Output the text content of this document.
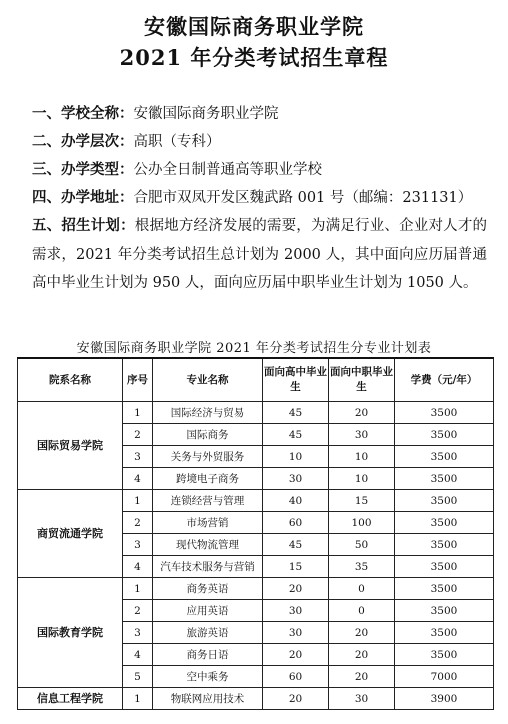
安徽国际商务职业学院
2021 年分类考试招生章程
一、学校全称：安徽国际商务职业学院
二、办学层次：高职（专科）
三、办学类型：公办全日制普通高等职业学校
四、办学地址：合肥市双凤开发区魏武路 001 号（邮编：231131）
五、招生计划：根据地方经济发展的需要，为满足行业、企业对人才的需求，2021 年分类考试招生总计划为 2000 人，其中面向应历届普通高中毕业生计划为 950 人，面向应历届中职毕业生计划为 1050 人。
安徽国际商务职业学院 2021 年分类考试招生分专业计划表
院系名称	序号	专业名称	面向高中毕业生	面向中职毕业生	学费（元/年）
国际贸易学院	1	国际经济与贸易	45	20	3500
	2	国际商务	45	30	3500
	3	关务与外贸服务	10	10	3500
	4	跨境电子商务	30	10	3500
商贸流通学院	1	连锁经营与管理	40	15	3500
	2	市场营销	60	100	3500
	3	现代物流管理	45	50	3500
	4	汽车技术服务与营销	15	35	3500
国际教育学院	1	商务英语	20	0	3500
	2	应用英语	30	0	3500
	3	旅游英语	30	20	3500
	4	商务日语	20	20	3500
	5	空中乘务	60	20	7000
信息工程学院	1	物联网应用技术	20	30	3900
